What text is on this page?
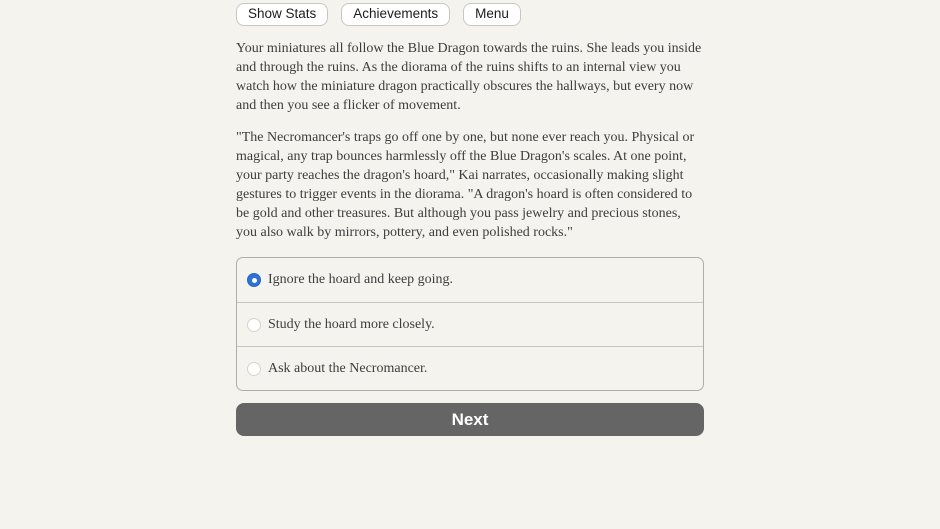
Show Stats	Achievements	Menu

Your miniatures all follow the Blue Dragon towards the ruins. She leads you inside and through the ruins. As the diorama of the ruins shifts to an internal view you watch how the miniature dragon practically obscures the hallways, but every now and then you see a flicker of movement.

"The Necromancer's traps go off one by one, but none ever reach you. Physical or magical, any trap bounces harmlessly off the Blue Dragon's scales. At one point, your party reaches the dragon's hoard," Kai narrates, occasionally making slight gestures to trigger events in the diorama. "A dragon's hoard is often considered to be gold and other treasures. But although you pass jewelry and precious stones, you also walk by mirrors, pottery, and even polished rocks."

Ignore the hoard and keep going.
Study the hoard more closely.
Ask about the Necromancer.
Next
